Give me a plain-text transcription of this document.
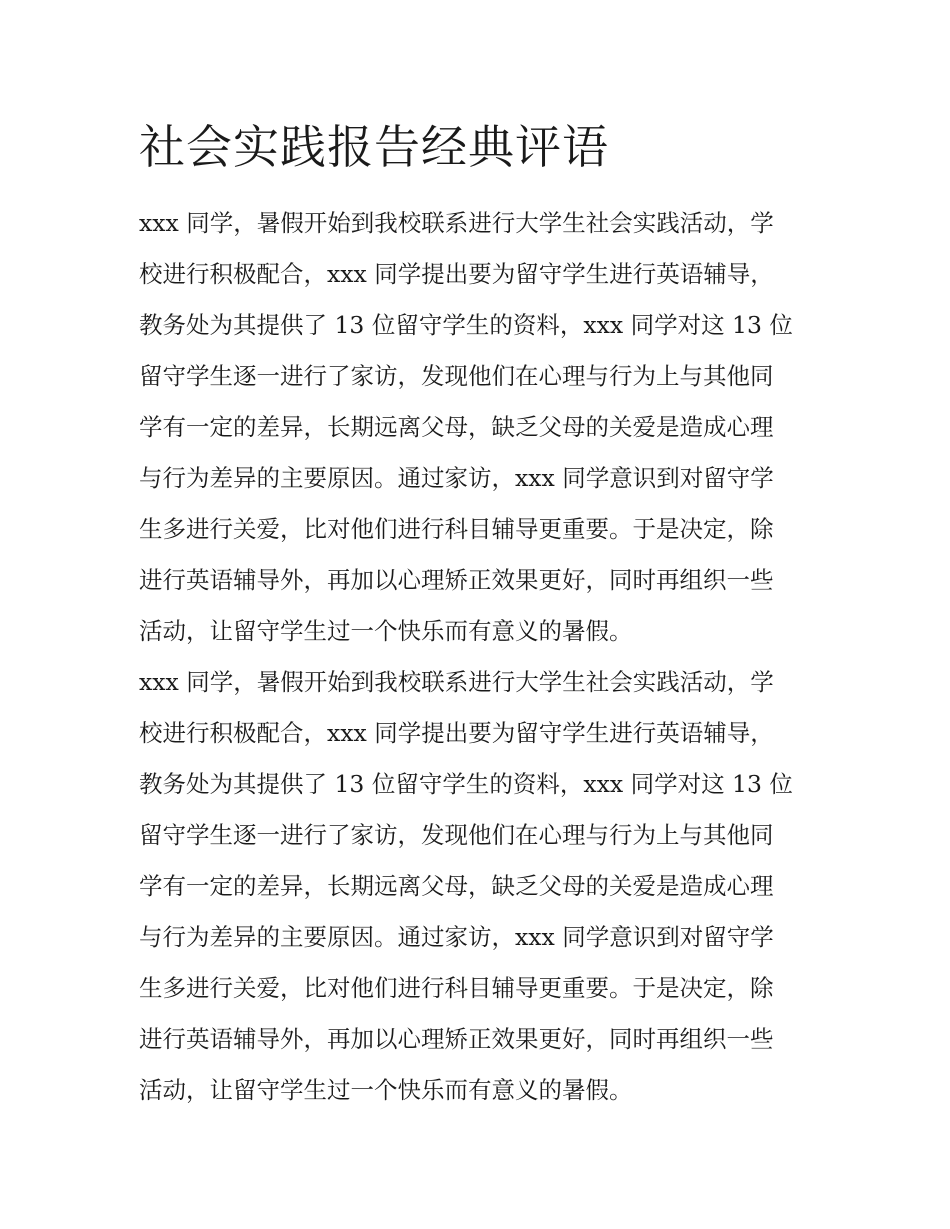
社会实践报告经典评语
xxx 同学，暑假开始到我校联系进行大学生社会实践活动，学
校进行积极配合，xxx 同学提出要为留守学生进行英语辅导，
教务处为其提供了 13 位留守学生的资料，xxx 同学对这 13 位
留守学生逐一进行了家访，发现他们在心理与行为上与其他同
学有一定的差异，长期远离父母，缺乏父母的关爱是造成心理
与行为差异的主要原因。通过家访，xxx 同学意识到对留守学
生多进行关爱，比对他们进行科目辅导更重要。于是决定，除
进行英语辅导外，再加以心理矫正效果更好，同时再组织一些
活动，让留守学生过一个快乐而有意义的暑假。
xxx 同学，暑假开始到我校联系进行大学生社会实践活动，学
校进行积极配合，xxx 同学提出要为留守学生进行英语辅导，
教务处为其提供了 13 位留守学生的资料，xxx 同学对这 13 位
留守学生逐一进行了家访，发现他们在心理与行为上与其他同
学有一定的差异，长期远离父母，缺乏父母的关爱是造成心理
与行为差异的主要原因。通过家访，xxx 同学意识到对留守学
生多进行关爱，比对他们进行科目辅导更重要。于是决定，除
进行英语辅导外，再加以心理矫正效果更好，同时再组织一些
活动，让留守学生过一个快乐而有意义的暑假。
